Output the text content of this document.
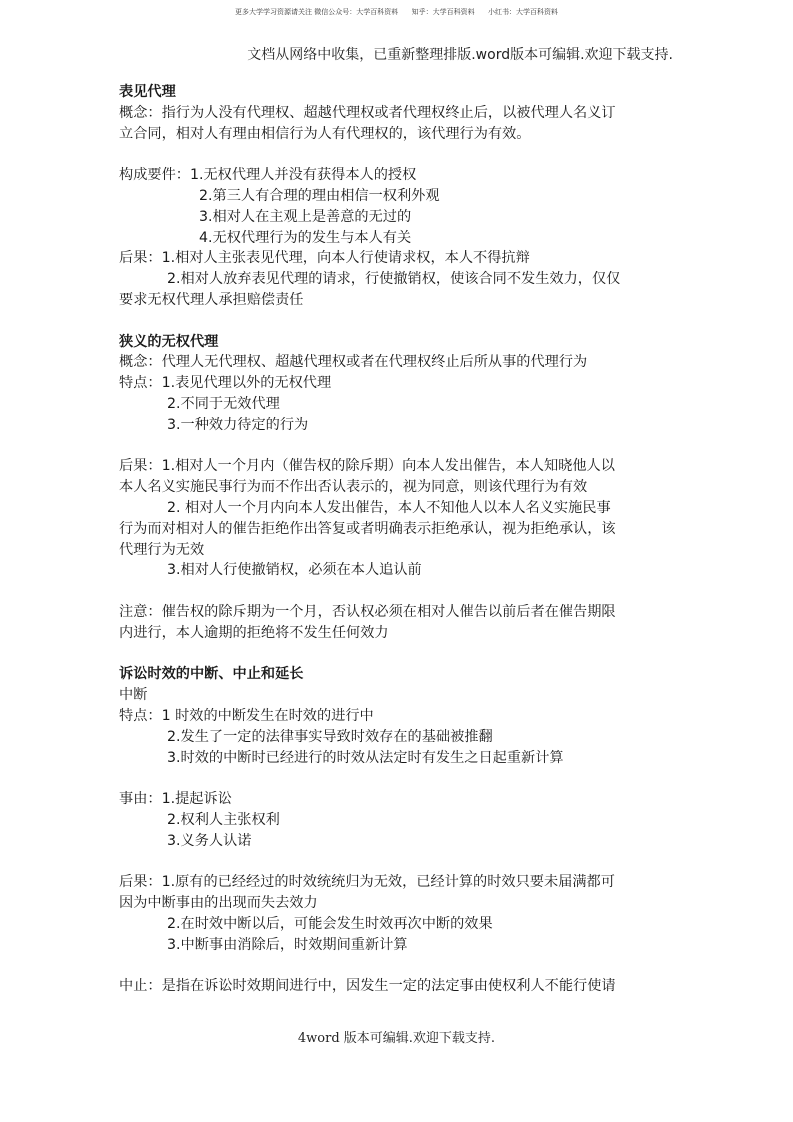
更多大学学习资源请关注 微信公众号：大学百科资料      知乎：大学百科资料      小红书：大学百科资料
文档从网络中收集，已重新整理排版.word版本可编辑.欢迎下载支持.
表见代理
概念：指行为人没有代理权、超越代理权或者代理权终止后，以被代理人名义订
立合同，相对人有理由相信行为人有代理权的，该代理行为有效。
构成要件：1.无权代理人并没有获得本人的授权
2.第三人有合理的理由相信一权利外观
3.相对人在主观上是善意的无过的
4.无权代理行为的发生与本人有关
后果：1.相对人主张表见代理，向本人行使请求权，本人不得抗辩
2.相对人放弃表见代理的请求，行使撤销权，使该合同不发生效力，仅仅
要求无权代理人承担赔偿责任
狭义的无权代理
概念：代理人无代理权、超越代理权或者在代理权终止后所从事的代理行为
特点：1.表见代理以外的无权代理
2.不同于无效代理
3.一种效力待定的行为
后果：1.相对人一个月内（催告权的除斥期）向本人发出催告，本人知晓他人以
本人名义实施民事行为而不作出否认表示的，视为同意，则该代理行为有效
2. 相对人一个月内向本人发出催告，本人不知他人以本人名义实施民事
行为而对相对人的催告拒绝作出答复或者明确表示拒绝承认，视为拒绝承认，该
代理行为无效
3.相对人行使撤销权，必须在本人追认前
注意：催告权的除斥期为一个月，否认权必须在相对人催告以前后者在催告期限
内进行，本人逾期的拒绝将不发生任何效力
诉讼时效的中断、中止和延长
中断
特点：1 时效的中断发生在时效的进行中
2.发生了一定的法律事实导致时效存在的基础被推翻
3.时效的中断时已经进行的时效从法定时有发生之日起重新计算
事由：1.提起诉讼
2.权利人主张权利
3.义务人认诺
后果：1.原有的已经经过的时效统统归为无效，已经计算的时效只要未届满都可
因为中断事由的出现而失去效力
2.在时效中断以后，可能会发生时效再次中断的效果
3.中断事由消除后，时效期间重新计算
中止：是指在诉讼时效期间进行中，因发生一定的法定事由使权利人不能行使请
4word 版本可编辑.欢迎下载支持.
